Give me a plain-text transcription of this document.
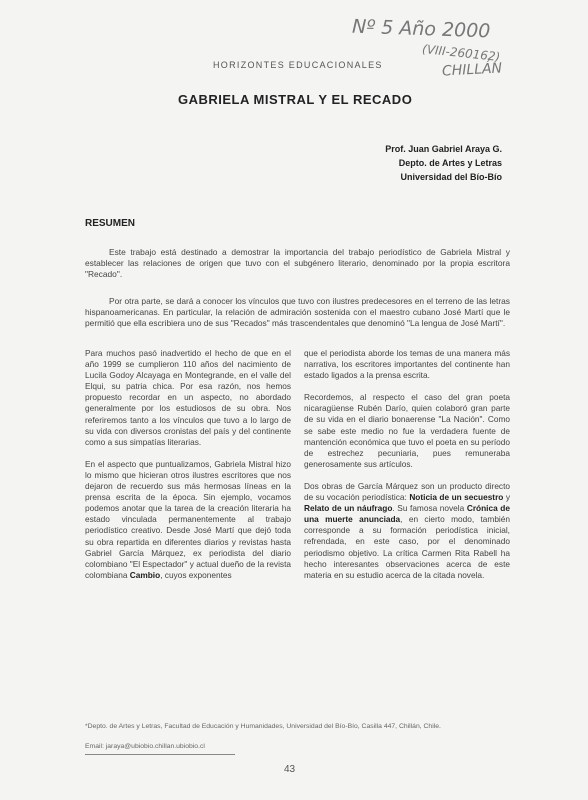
Nº 5 Año 2000
(VIII-260162)
CHILLÁN
HORIZONTES EDUCACIONALES
GABRIELA MISTRAL Y EL RECADO
Prof. Juan Gabriel Araya G.
Depto. de Artes y Letras
Universidad del Bío-Bío
RESUMEN
Este trabajo está destinado a demostrar la importancia del trabajo periodístico de Gabriela Mistral y establecer las relaciones de origen que tuvo con el subgénero literario, denominado por la propia escritora "Recado".
Por otra parte, se dará a conocer los vínculos que tuvo con ilustres predecesores en el terreno de las letras hispanoamericanas. En particular, la relación de admiración sostenida con el maestro cubano José Martí que le permitió que ella escribiera uno de sus "Recados" más trascendentales que denominó "La lengua de José Martí".

Para muchos pasó inadvertido el hecho de que en el año 1999 se cumplieron 110 años del nacimiento de Lucila Godoy Alcayaga en Montegrande, en el valle del Elqui, su patria chica. Por esa razón, nos hemos propuesto recordar en un aspecto, no abordado generalmente por los estudiosos de su obra. Nos referiremos tanto a los vínculos que tuvo a lo largo de su vida con diversos cronistas del país y del continente como a sus simpatías literarias.

En el aspecto que puntualizamos, Gabriela Mistral hizo lo mismo que hicieran otros ilustres escritores que nos dejaron de recuerdo sus más hermosas líneas en la prensa escrita de la época. Sin ejemplo, vocamos podemos anotar que la tarea de la creación literaria ha estado vinculada permanentemente al trabajo periodístico creativo. Desde José Martí que dejó toda su obra repartida en diferentes diarios y revistas hasta Gabriel García Márquez, ex periodista del diario colombiano "El Espectador" y actual dueño de la revista colombiana Cambio, cuyos exponentes

que el periodista aborde los temas de una manera más narrativa, los escritores importantes del continente han estado ligados a la prensa escrita.

Recordemos, al respecto el caso del gran poeta nicaragüense Rubén Darío, quien colaboró gran parte de su vida en el diario bonaerense "La Nación". Como se sabe este medio no fue la verdadera fuente de mantención económica que tuvo el poeta en su período de estrechez pecuniaria, pues remuneraba generosamente sus artículos.

Dos obras de García Márquez son un producto directo de su vocación periodística: Noticia de un secuestro y Relato de un náufrago. Su famosa novela Crónica de una muerte anunciada, en cierto modo, también corresponde a su formación periodística inicial, refrendada, en este caso, por el denominado periodismo objetivo. La crítica Carmen Rita Rabell ha hecho interesantes observaciones acerca de este materia en su estudio acerca de la citada novela.

*Depto. de Artes y Letras, Facultad de Educación y Humanidades, Universidad del Bío-Bío, Casilla 447, Chillán, Chile.
Email: jaraya@ubiobio.chillan.ubiobio.cl
43
